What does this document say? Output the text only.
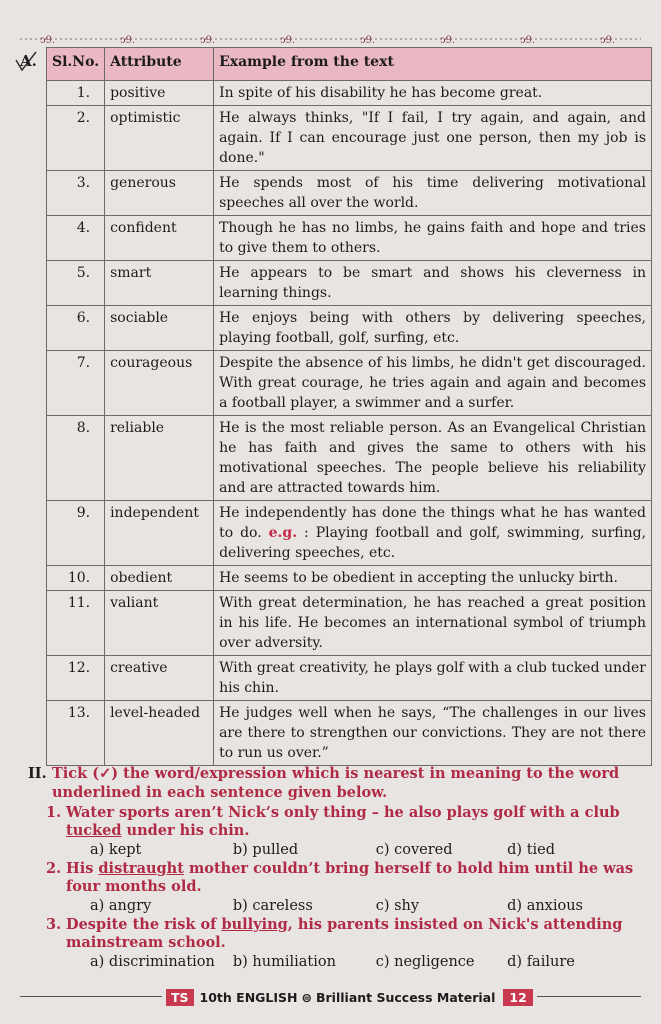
ↄ9.	ↄ9.	ↄ9.	ↄ9.	ↄ9.	ↄ9.	ↄ9.	ↄ9.
A. Sl.No.	Attribute	Example from the text
1.	positive	In spite of his disability he has become great.
2.	optimistic	He always thinks, "If I fail, I try again, and again, and again. If I can encourage just one person, then my job is done."
3.	generous	He spends most of his time delivering motivational speeches all over the world.
4.	confident	Though he has no limbs, he gains faith and hope and tries to give them to others.
5.	smart	He appears to be smart and shows his cleverness in learning things.
6.	sociable	He enjoys being with others by delivering speeches, playing football, golf, surfing, etc.
7.	courageous	Despite the absence of his limbs, he didn't get discouraged. With great courage, he tries again and again and becomes a football player, a swimmer and a surfer.
8.	reliable	He is the most reliable person. As an Evangelical Christian he has faith and gives the same to others with his motivational speeches. The people believe his reliability and are attracted towards him.
9.	independent	He independently has done the things what he has wanted to do. e.g. : Playing football and golf, swimming, surfing, delivering speeches, etc.
10.	obedient	He seems to be obedient in accepting the unlucky birth.
11.	valiant	With great determination, he has reached a great position in his life. He becomes an international symbol of triumph over adversity.
12.	creative	With great creativity, he plays golf with a club tucked under his chin.
13.	level-headed	He judges well when he says, “The challenges in our lives are there to strengthen our convictions. They are not there to run us over.”
II. Tick (✓) the word/expression which is nearest in meaning to the word underlined in each sentence given below.
1. Water sports aren’t Nick’s only thing – he also plays golf with a club tucked under his chin.
a) kept	b) pulled	c) covered	d) tied
2. His distraught mother couldn’t bring herself to hold him until he was four months old.
a) angry	b) careless	c) shy	d) anxious
3. Despite the risk of bullying, his parents insisted on Nick's attending mainstream school.
a) discrimination	b) humiliation	c) negligence	d) failure
TS 10th ENGLISH ⊜ Brilliant Success Material	12
